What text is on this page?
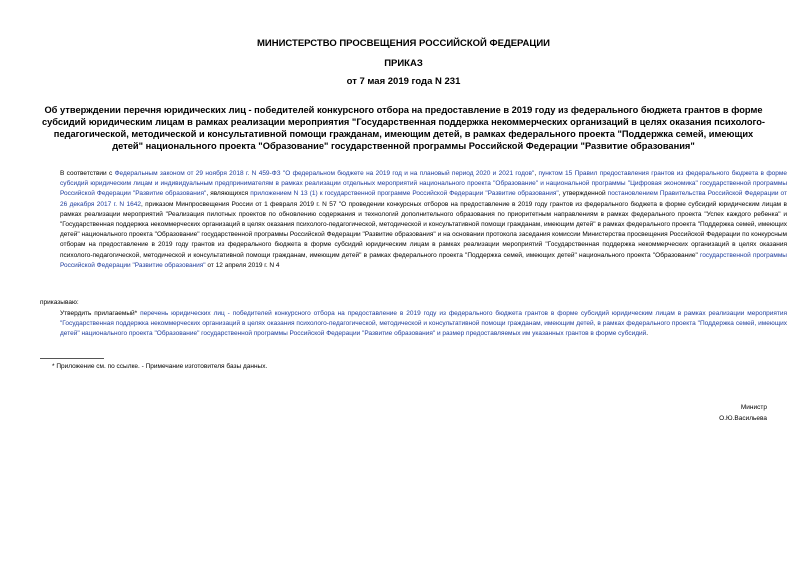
МИНИСТЕРСТВО ПРОСВЕЩЕНИЯ РОССИЙСКОЙ ФЕДЕРАЦИИ
ПРИКАЗ
от 7 мая 2019 года N 231
Об утверждении перечня юридических лиц - победителей конкурсного отбора на предоставление в 2019 году из федерального бюджета грантов в форме субсидий юридическим лицам в рамках реализации мероприятия "Государственная поддержка некоммерческих организаций в целях оказания психолого-педагогической, методической и консультативной помощи гражданам, имеющим детей, в рамках федерального проекта "Поддержка семей, имеющих детей" национального проекта "Образование" государственной программы Российской Федерации "Развитие образования"
В соответствии с Федеральным законом от 29 ноября 2018 г. N 459-ФЗ "О федеральном бюджете на 2019 год и на плановый период 2020 и 2021 годов", пунктом 15 Правил предоставления грантов из федерального бюджета в форме субсидий юридическим лицам и индивидуальным предпринимателям в рамках реализации отдельных мероприятий национального проекта "Образование" и национальной программы "Цифровая экономика" государственной программы Российской Федерации "Развитие образования", являющихся приложением N 13 (1) к государственной программе Российской Федерации "Развитие образования", утвержденной постановлением Правительства Российской Федерации от 26 декабря 2017 г. N 1642, приказом Минпросвещения России от 1 февраля 2019 г. N 57 "О проведении конкурсных отборов на предоставление в 2019 году грантов из федерального бюджета в форме субсидий юридическим лицам в рамках реализации мероприятий "Реализация пилотных проектов по обновлению содержания и технологий дополнительного образования по приоритетным направлениям в рамках федерального проекта "Успех каждого ребенка" и "Государственная поддержка некоммерческих организаций в целях оказания психолого-педагогической, методической и консультативной помощи гражданам, имеющим детей" в рамках федерального проекта "Поддержка семей, имеющих детей" национального проекта "Образование" государственной программы Российской Федерации "Развитие образования" и на основании протокола заседания комиссии Министерства просвещения Российской Федерации по конкурсным отборам на предоставление в 2019 году грантов из федерального бюджета в форме субсидий юридическим лицам в рамках реализации мероприятий "Государственная поддержка некоммерческих организаций в целях оказания психолого-педагогической, методической и консультативной помощи гражданам, имеющим детей" в рамках федерального проекта "Поддержка семей, имеющих детей" национального проекта "Образование" государственной программы Российской Федерации "Развитие образования" от 12 апреля 2019 г. N 4
приказываю:
Утвердить прилагаемый* перечень юридических лиц - победителей конкурсного отбора на предоставление в 2019 году из федерального бюджета грантов в форме субсидий юридическим лицам в рамках реализации мероприятия "Государственная поддержка некоммерческих организаций в целях оказания психолого-педагогической, методической и консультативной помощи гражданам, имеющим детей, в рамках федерального проекта "Поддержка семей, имеющих детей" национального проекта "Образование" государственной программы Российской Федерации "Развитие образования" и размер предоставляемых им указанных грантов в форме субсидий.
* Приложение см. по ссылке. - Примечание изготовителя базы данных.
Министр
О.Ю.Васильева
